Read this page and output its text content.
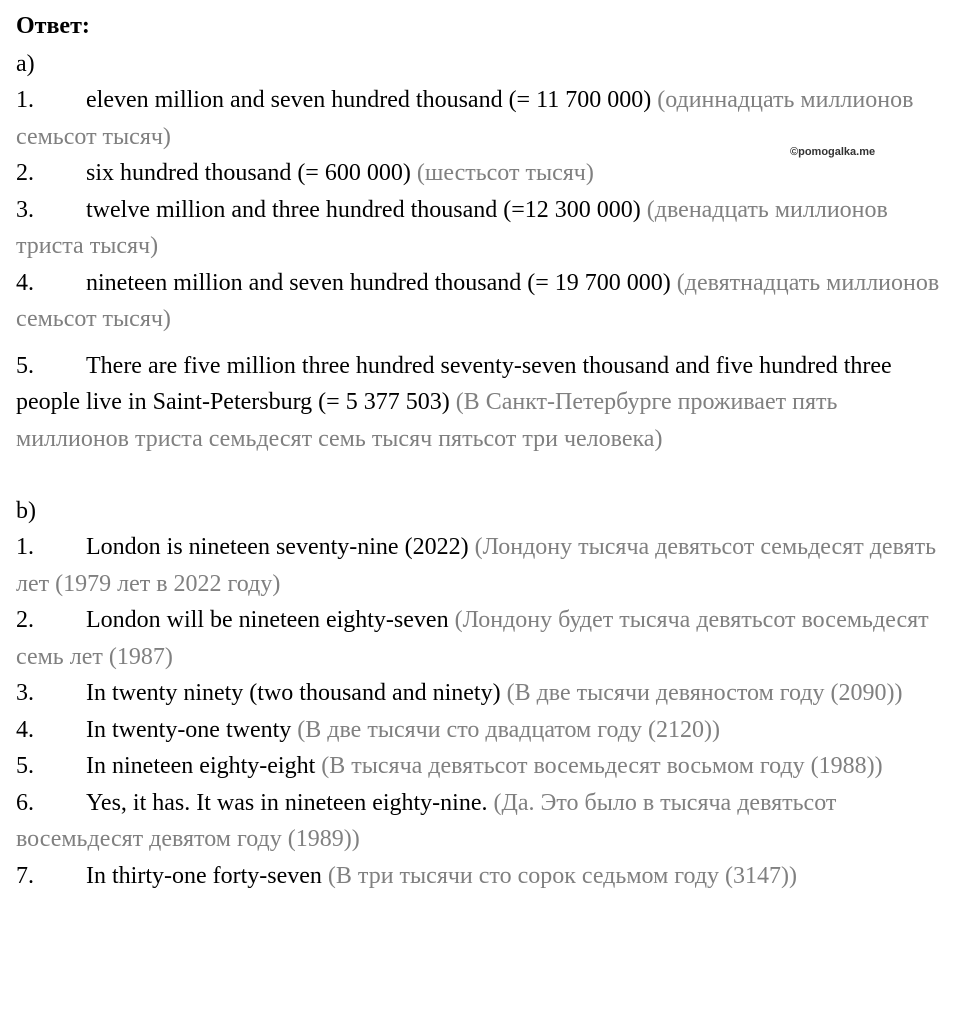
Ответ:
а)

1. eleven million and seven hundred thousand (= 11 700 000) (одиннадцать миллионов семьсот тысяч)

2. six hundred thousand (= 600 000) (шестьсот тысяч)

3. twelve million and three hundred thousand (=12 300 000) (двенадцать миллионов триста тысяч)

4. nineteen million and seven hundred thousand (= 19 700 000) (девятнадцать миллионов семьсот тысяч)

5. There are five million three hundred seventy-seven thousand and five hundred three people live in Saint-Petersburg (= 5 377 503) (В Санкт-Петербурге проживает пять миллионов триста семьдесят семь тысяч пятьсот три человека)

b)

1. London is nineteen seventy-nine (2022) (Лондону тысяча девятьсот семьдесят девять лет (1979 лет в 2022 году)

2. London will be nineteen eighty-seven (Лондону будет тысяча девятьсот восемьдесят семь лет (1987)

3. In twenty ninety (two thousand and ninety) (В две тысячи девяностом году (2090))

4. In twenty-one twenty (В две тысячи сто двадцатом году (2120))

5. In nineteen eighty-eight (В тысяча девятьсот восемьдесят восьмом году (1988))

6. Yes, it has. It was in nineteen eighty-nine. (Да. Это было в тысяча девятьсот восемьдесят девятом году (1989))

7. In thirty-one forty-seven (В три тысячи сто сорок седьмом году (3147))

©pomogalka.me
